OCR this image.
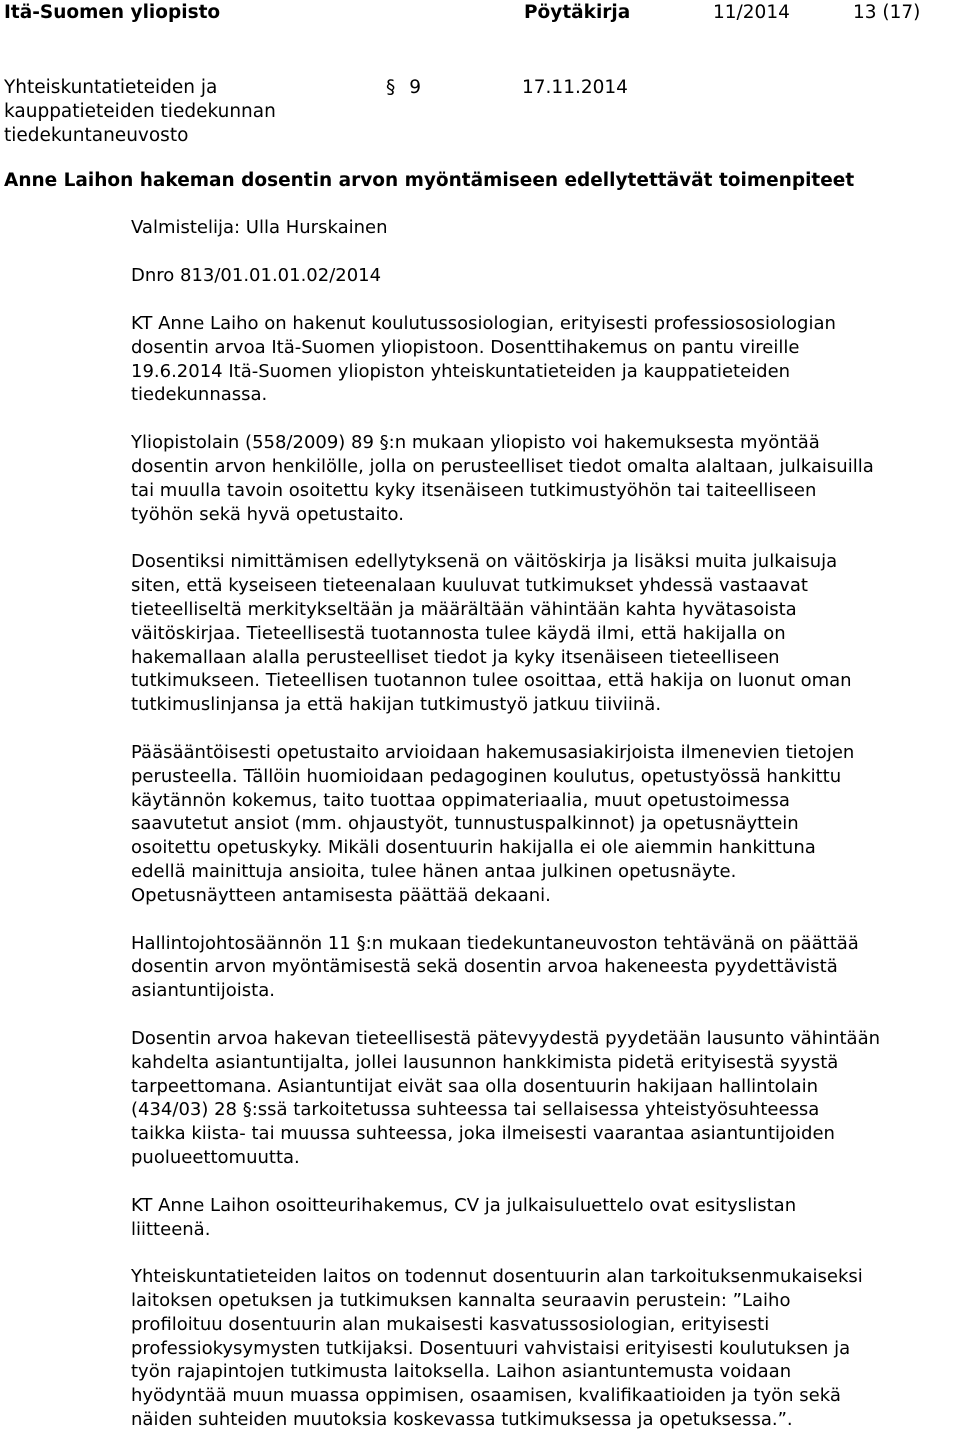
Itä-Suomen yliopisto	Pöytäkirja	11/2014	13 (17)
Yhteiskuntatieteiden ja
kauppatieteiden tiedekunnan
tiedekuntaneuvosto
§ 9	17.11.2014
Anne Laihon hakeman dosentin arvon myöntämiseen edellytettävät toimenpiteet
Valmistelija: Ulla Hurskainen
Dnro 813/01.01.01.02/2014

KT Anne Laiho on hakenut koulutussosiologian, erityisesti professiososiologian
dosentin arvoa Itä-Suomen yliopistoon. Dosenttihakemus on pantu vireille
19.6.2014 Itä-Suomen yliopiston yhteiskuntatieteiden ja kauppatieteiden
tiedekunnassa.

Yliopistolain (558/2009) 89 §:n mukaan yliopisto voi hakemuksesta myöntää
dosentin arvon henkilölle, jolla on perusteelliset tiedot omalta alaltaan, julkaisuilla
tai muulla tavoin osoitettu kyky itsenäiseen tutkimustyöhön tai taiteelliseen
työhön sekä hyvä opetustaito.

Dosentiksi nimittämisen edellytyksenä on väitöskirja ja lisäksi muita julkaisuja
siten, että kyseiseen tieteenalaan kuuluvat tutkimukset yhdessä vastaavat
tieteelliseltä merkitykseltään ja määrältään vähintään kahta hyvätasoista
väitöskirjaa. Tieteellisestä tuotannosta tulee käydä ilmi, että hakijalla on
hakemallaan alalla perusteelliset tiedot ja kyky itsenäiseen tieteelliseen
tutkimukseen. Tieteellisen tuotannon tulee osoittaa, että hakija on luonut oman
tutkimuslinjansa ja että hakijan tutkimustyö jatkuu tiiviinä.

Pääsääntöisesti opetustaito arvioidaan hakemusasiakirjoista ilmenevien tietojen
perusteella. Tällöin huomioidaan pedagoginen koulutus, opetustyössä hankittu
käytännön kokemus, taito tuottaa oppimateriaalia, muut opetustoimessa
saavutetut ansiot (mm. ohjaustyöt, tunnustuspalkinnot) ja opetusnäyttein
osoitettu opetuskyky. Mikäli dosentuurin hakijalla ei ole aiemmin hankittuna
edellä mainittuja ansioita, tulee hänen antaa julkinen opetusnäyte.
Opetusnäytteen antamisesta päättää dekaani.

Hallintojohtosäännön 11 §:n mukaan tiedekuntaneuvoston tehtävänä on päättää
dosentin arvon myöntämisestä sekä dosentin arvoa hakeneesta pyydettävistä
asiantuntijoista.

Dosentin arvoa hakevan tieteellisestä pätevyydestä pyydetään lausunto vähintään
kahdelta asiantuntijalta, jollei lausunnon hankkimista pidetä erityisestä syystä
tarpeettomana. Asiantuntijat eivät saa olla dosentuurin hakijaan hallintolain
(434/03) 28 §:ssä tarkoitetussa suhteessa tai sellaisessa yhteistyösuhteessa
taikka kiista- tai muussa suhteessa, joka ilmeisesti vaarantaa asiantuntijoiden
puolueettomuutta.

KT Anne Laihon osoitteurihakemus, CV ja julkaisuluettelo ovat esityslistan
liitteenä.

Yhteiskuntatieteiden laitos on todennut dosentuurin alan tarkoituksenmukaiseksi
laitoksen opetuksen ja tutkimuksen kannalta seuraavin perustein: ”Laiho
profiloituu dosentuurin alan mukaisesti kasvatussosiologian, erityisesti
professiokysymysten tutkijaksi. Dosentuuri vahvistaisi erityisesti koulutuksen ja
työn rajapintojen tutkimusta laitoksella. Laihon asiantuntemusta voidaan
hyödyntää muun muassa oppimisen, osaamisen, kvalifikaatioiden ja työn sekä
näiden suhteiden muutoksia koskevassa tutkimuksessa ja opetuksessa.”.
